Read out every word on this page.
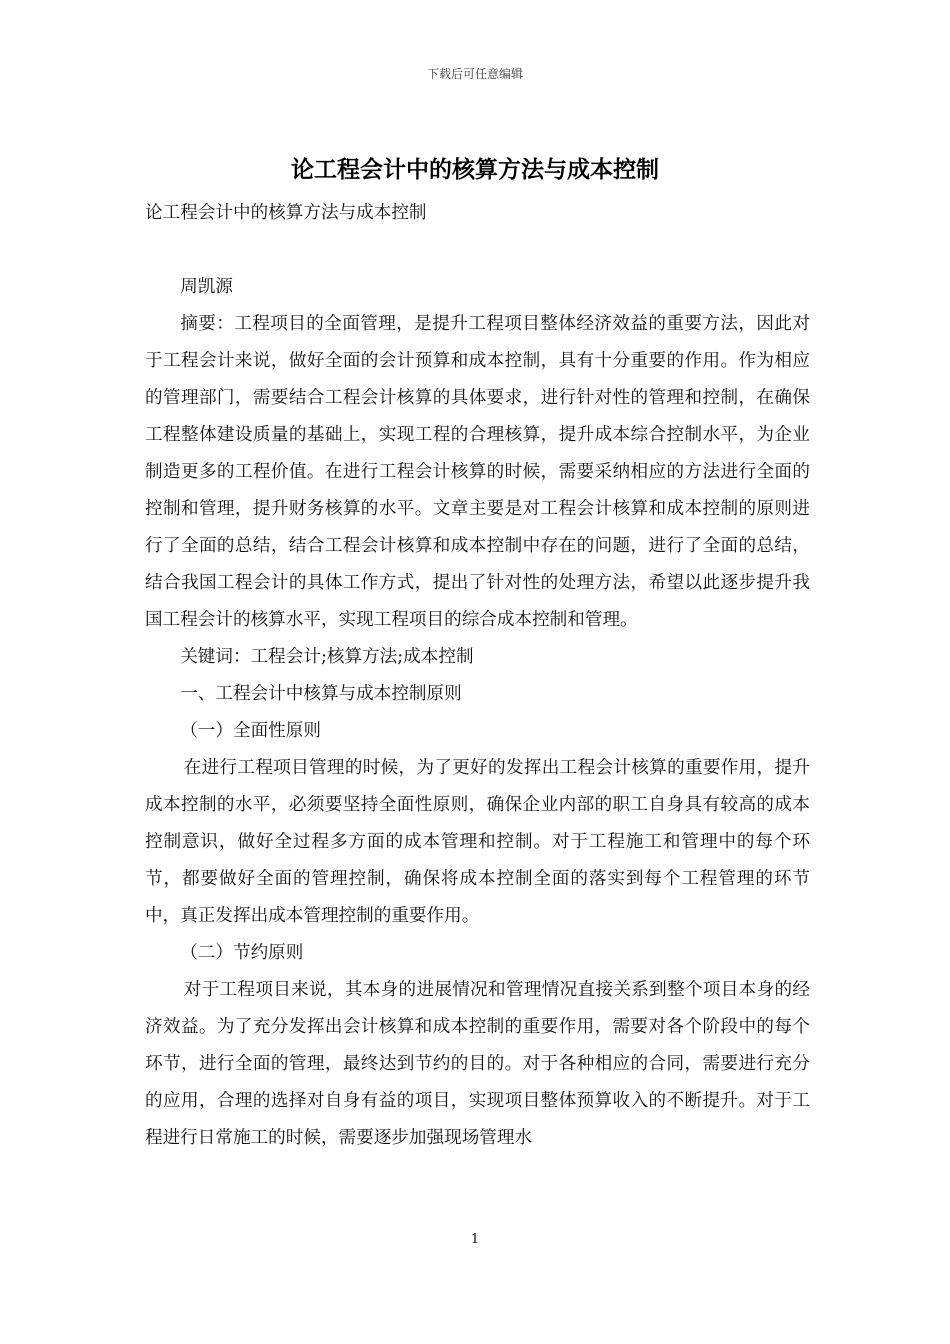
下载后可任意编辑
论工程会计中的核算方法与成本控制

论工程会计中的核算方法与成本控制

周凯源

摘要：工程项目的全面管理，是提升工程项目整体经济效益的重要方法，因此对于工程会计来说，做好全面的会计预算和成本控制，具有十分重要的作用。作为相应的管理部门，需要结合工程会计核算的具体要求，进行针对性的管理和控制，在确保工程整体建设质量的基础上，实现工程的合理核算，提升成本综合控制水平，为企业制造更多的工程价值。在进行工程会计核算的时候，需要采纳相应的方法进行全面的控制和管理，提升财务核算的水平。文章主要是对工程会计核算和成本控制的原则进行了全面的总结，结合工程会计核算和成本控制中存在的问题，进行了全面的总结，结合我国工程会计的具体工作方式，提出了针对性的处理方法，希望以此逐步提升我国工程会计的核算水平，实现工程项目的综合成本控制和管理。

关键词：工程会计;核算方法;成本控制

一、工程会计中核算与成本控制原则

（一）全面性原则

在进行工程项目管理的时候，为了更好的发挥出工程会计核算的重要作用，提升成本控制的水平，必须要坚持全面性原则，确保企业内部的职工自身具有较高的成本控制意识，做好全过程多方面的成本管理和控制。对于工程施工和管理中的每个环节，都要做好全面的管理控制，确保将成本控制全面的落实到每个工程管理的环节中，真正发挥出成本管理控制的重要作用。

（二）节约原则

对于工程项目来说，其本身的进展情况和管理情况直接关系到整个项目本身的经济效益。为了充分发挥出会计核算和成本控制的重要作用，需要对各个阶段中的每个环节，进行全面的管理，最终达到节约的目的。对于各种相应的合同，需要进行充分的应用，合理的选择对自身有益的项目，实现项目整体预算收入的不断提升。对于工程进行日常施工的时候，需要逐步加强现场管理水

1
